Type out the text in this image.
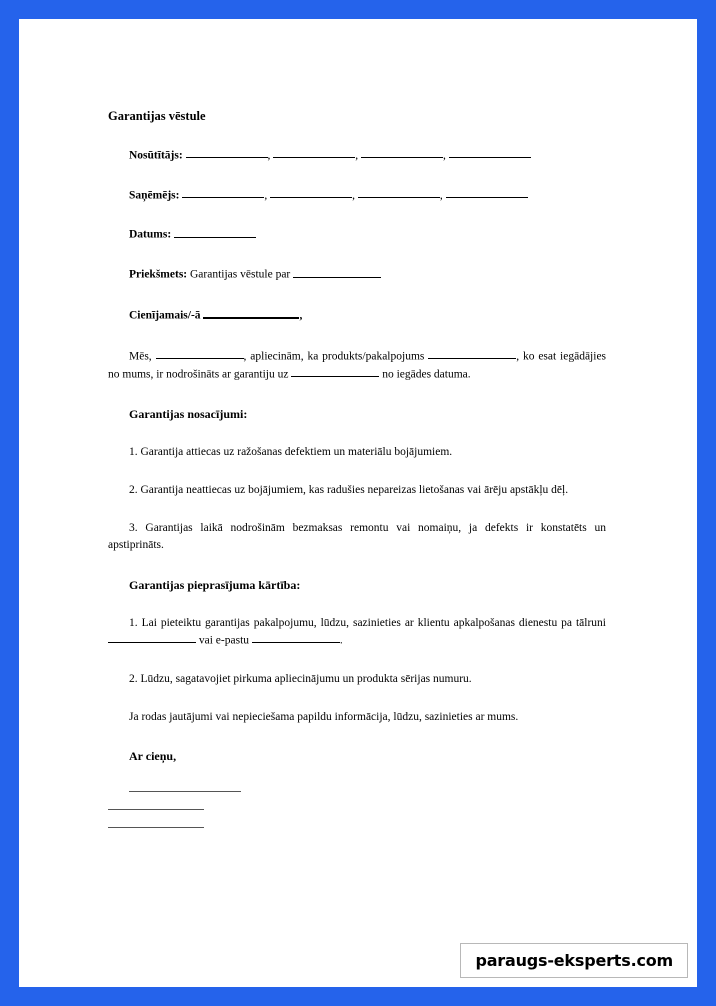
Garantijas vēstule
Nosūtītājs:	,	,	,
Saņēmējs:	,	,	,
Datums:
Priekšmets: Garantijas vēstule par
Cienījamais/-ā	,
Mēs,	, apliecinām, ka produkts/pakalpojums	, ko esat iegādājies no mums, ir nodrošināts ar garantiju uz	no iegādes datuma.
Garantijas nosacījumi:
1. Garantija attiecas uz ražošanas defektiem un materiālu bojājumiem.
2. Garantija neattiecas uz bojājumiem, kas radušies nepareizas lietošanas vai ārēju apstākļu dēļ.
3. Garantijas laikā nodrošinām bezmaksas remontu vai nomaiņu, ja defekts ir konstatēts un apstiprināts.
Garantijas pieprasījuma kārtība:
1. Lai pieteiktu garantijas pakalpojumu, lūdzu, sazinieties ar klientu apkalpošanas dienestu pa tālruni  vai e-pastu	.
2. Lūdzu, sagatavojiet pirkuma apliecinājumu un produkta sērijas numuru.
Ja rodas jautājumi vai nepieciešama papildu informācija, lūdzu, sazinieties ar mums.
Ar cieņu,
paraugs-eksperts.com
